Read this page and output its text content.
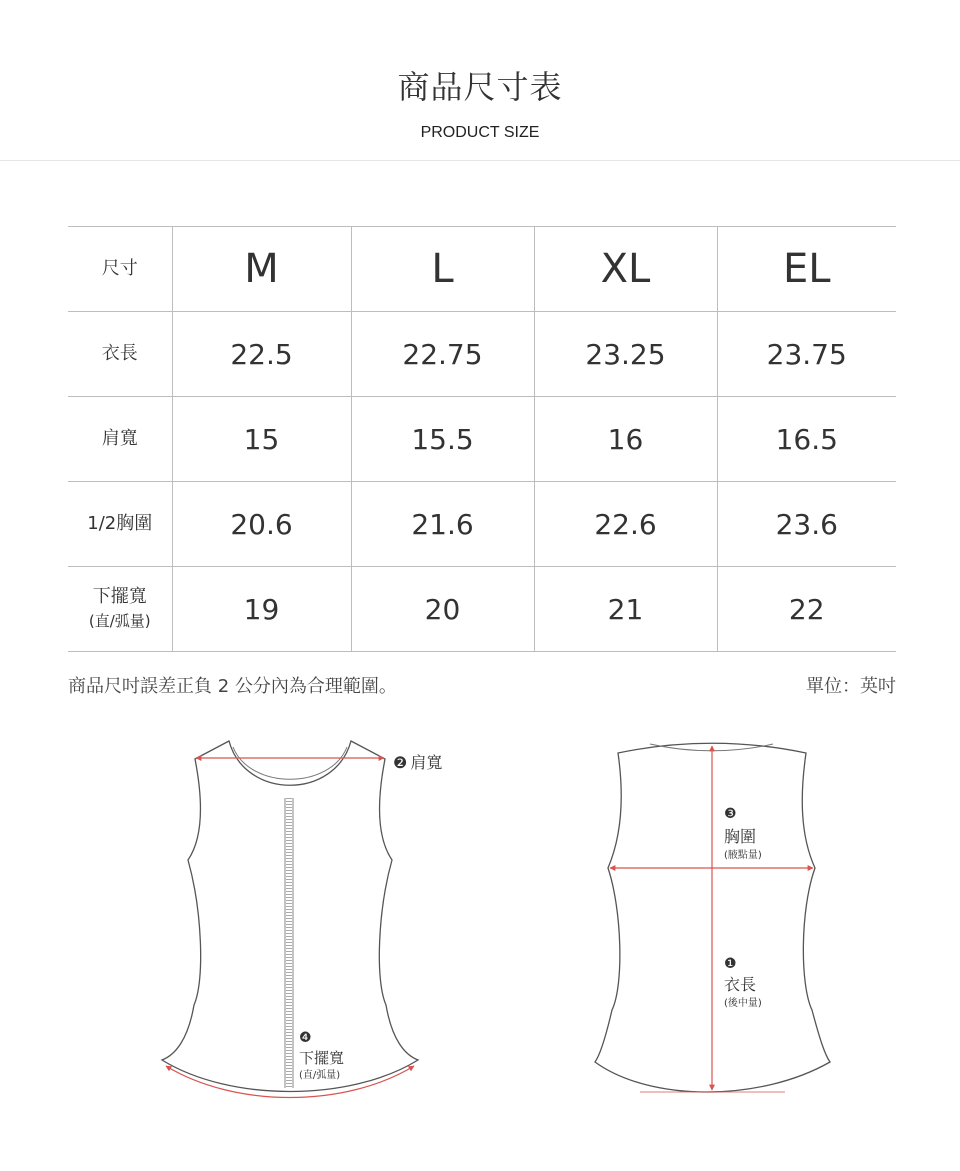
商品尺寸表
PRODUCT SIZE
尺寸	M	L	XL	EL
衣長	22.5	22.75	23.25	23.75
肩寬	15	15.5	16	16.5
1/2胸圍	20.6	21.6	22.6	23.6
下擺寬
(直/弧量)	19	20	21	22
商品尺吋誤差正負 2 公分內為合理範圍。	單位：英吋
❷ 肩寬
❹
下擺寬
(直/弧量)
❸
胸圍
(腋點量)
❶
衣長
(後中量)
